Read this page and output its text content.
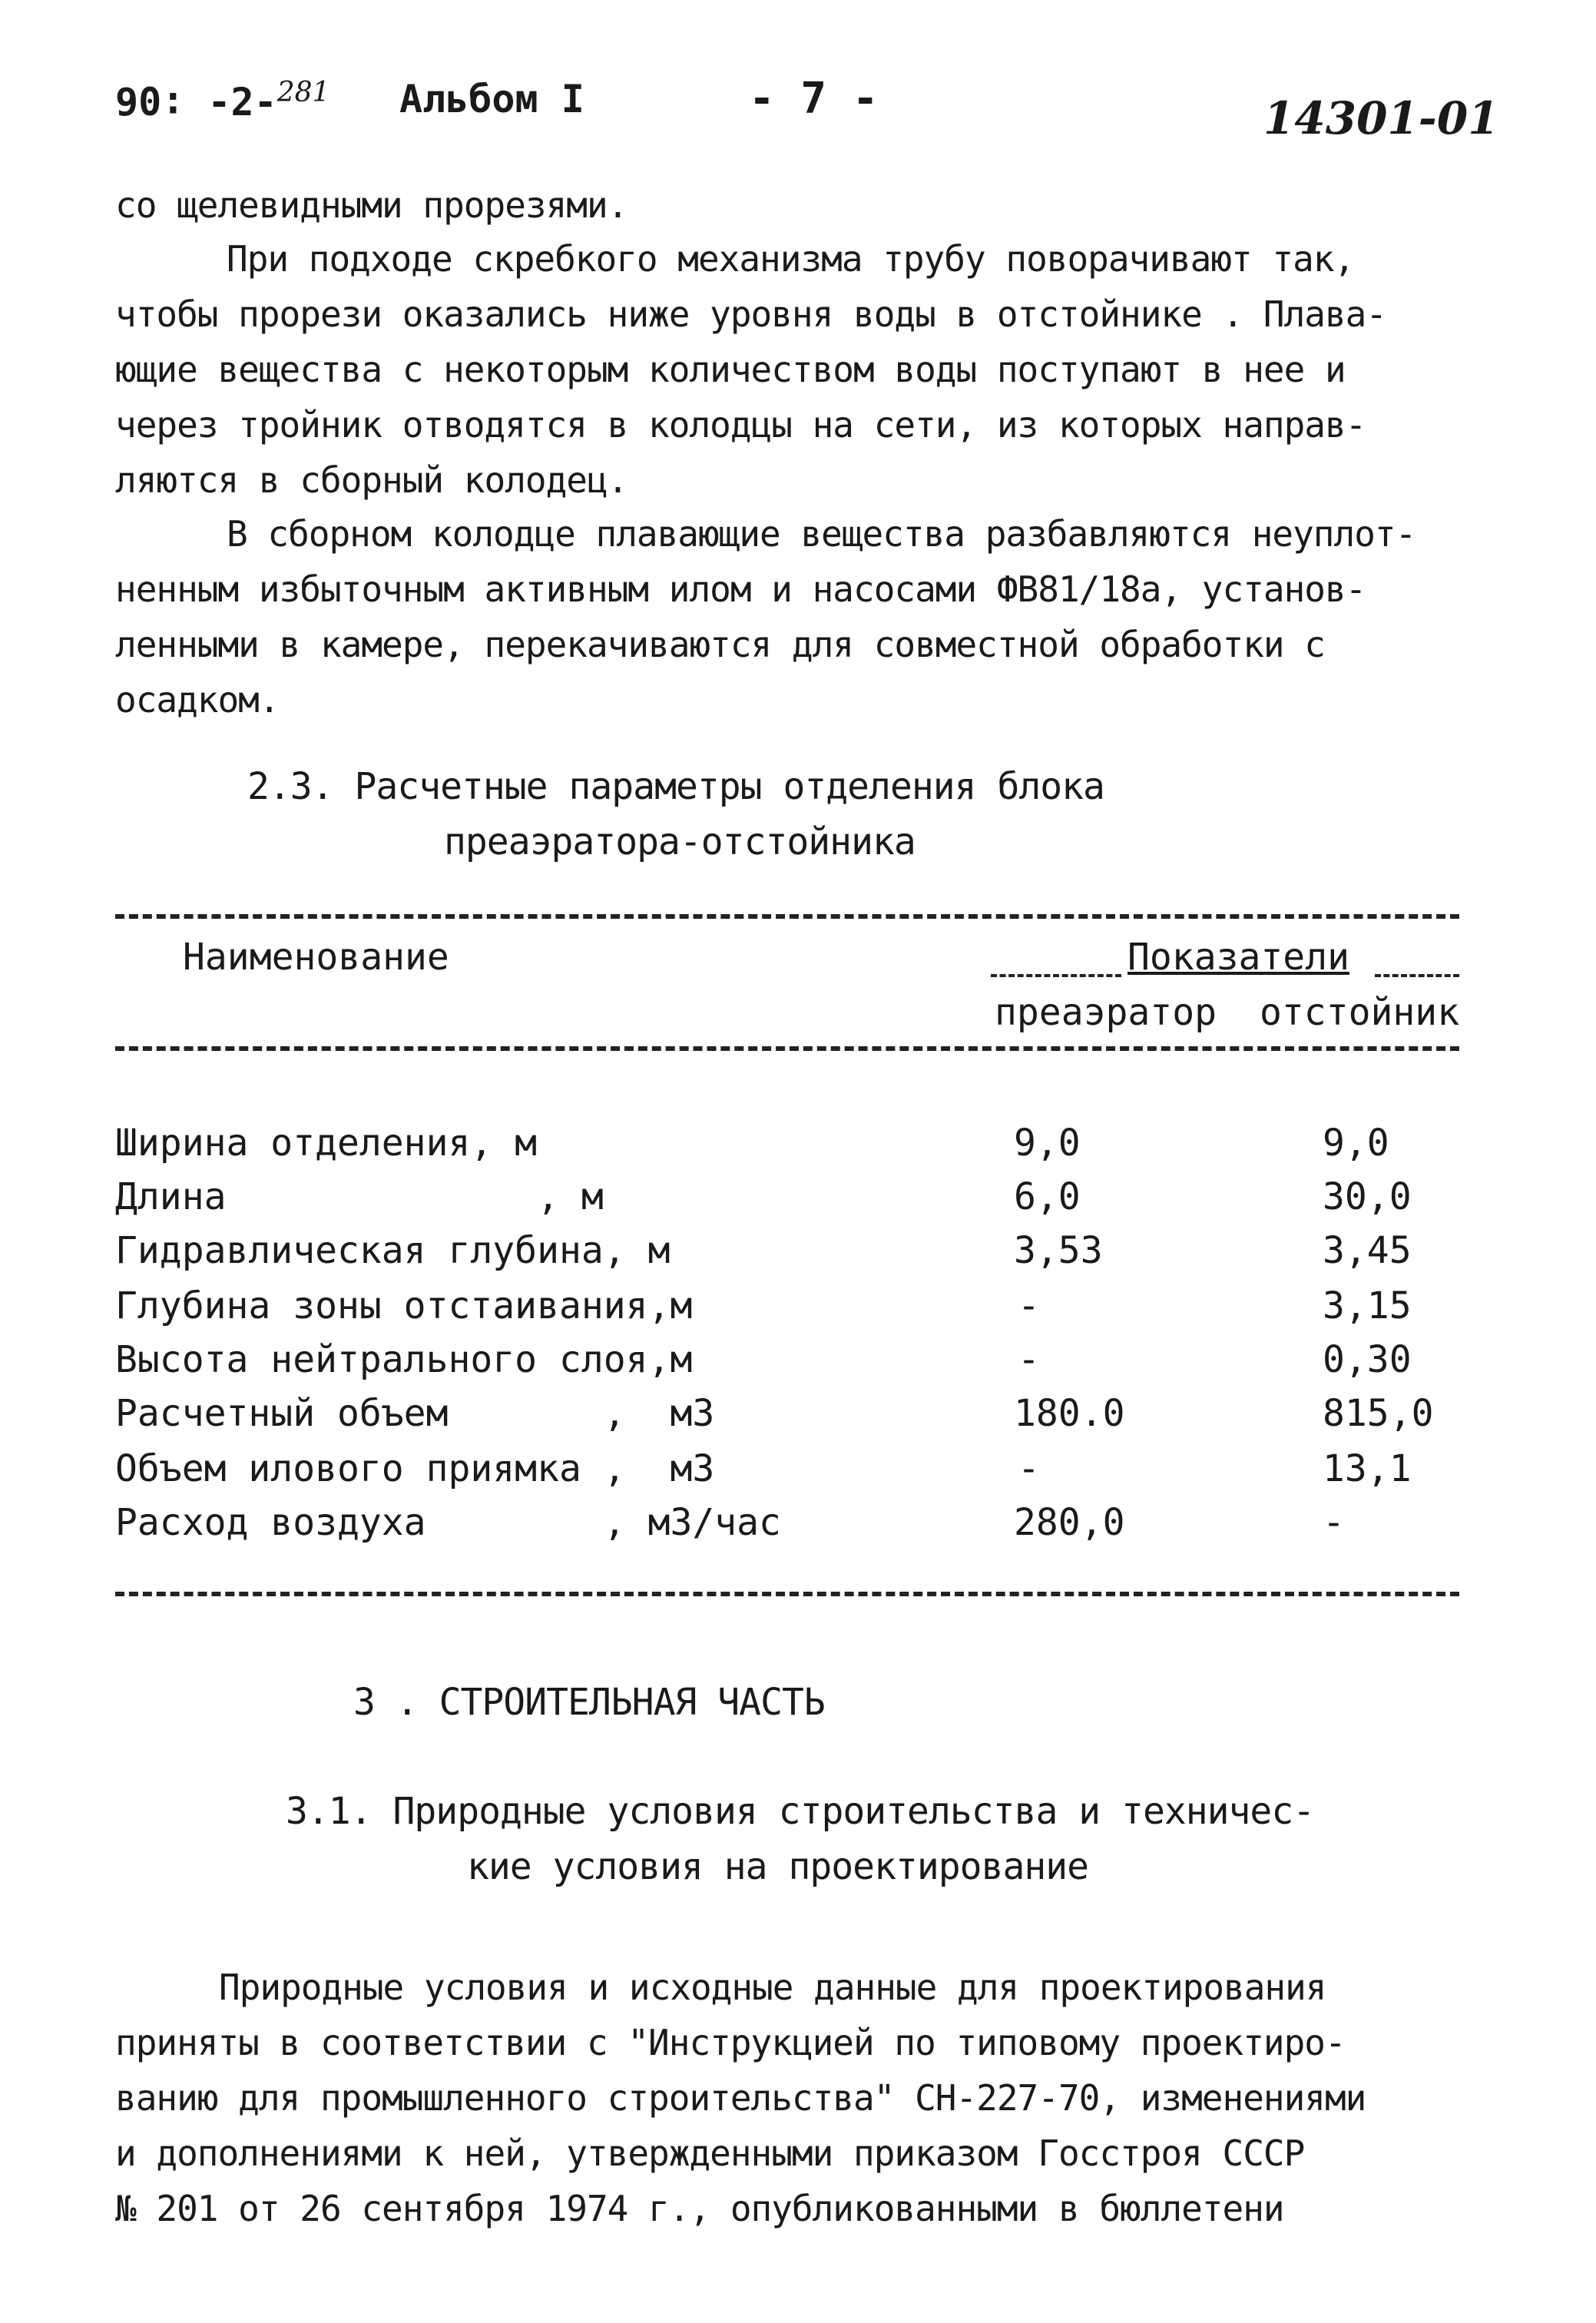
90∶ -2-$^{281}$ Альбом I	- 7 -	14301-01
со щелевидными прорезями.
При подходе скребкого механизма трубу поворачивают так,
чтобы прорези оказались ниже уровня воды в отстойнике . Плава-
ющие вещества с некоторым количеством воды поступают в нее и
через тройник отводятся в колодцы на сети, из которых направ-
ляются в сборный колодец.
В сборном колодце плавающие вещества разбавляются неуплот-
ненным избыточным активным илом и насосами ФВ81/18а, установ-
ленными в камере, перекачиваются для совместной обработки с
осадком.
2.3. Расчетные параметры отделения блока
преаэратора-отстойника
Наименование	Показатели
преаэратор отстойник
Ширина отделения, м	9,0	9,0
Длина              , м	6,0	30,0
Гидравлическая глубина, м	3,53	3,45
Глубина зоны отстаивания,м	-	3,15
Высота нейтрального слоя,м	-	0,30
Расчетный объем       ,  м3	180.0	815,0
Объем илового приямка ,  м3	-	13,1
Расход воздуха        , м3/час	280,0	-
3 . СТРОИТЕЛЬНАЯ ЧАСТЬ
3.1. Природные условия строительства и техничес-
кие условия на проектирование
Природные условия и исходные данные для проектирования
приняты в соответствии с "Инструкцией по типовому проектиро-
ванию для промышленного строительства" СН-227-70, изменениями
и дополнениями к ней, утвержденными приказом Госстроя СССР
№ 201 от 26 сентября 1974 г., опубликованными в бюллетени
